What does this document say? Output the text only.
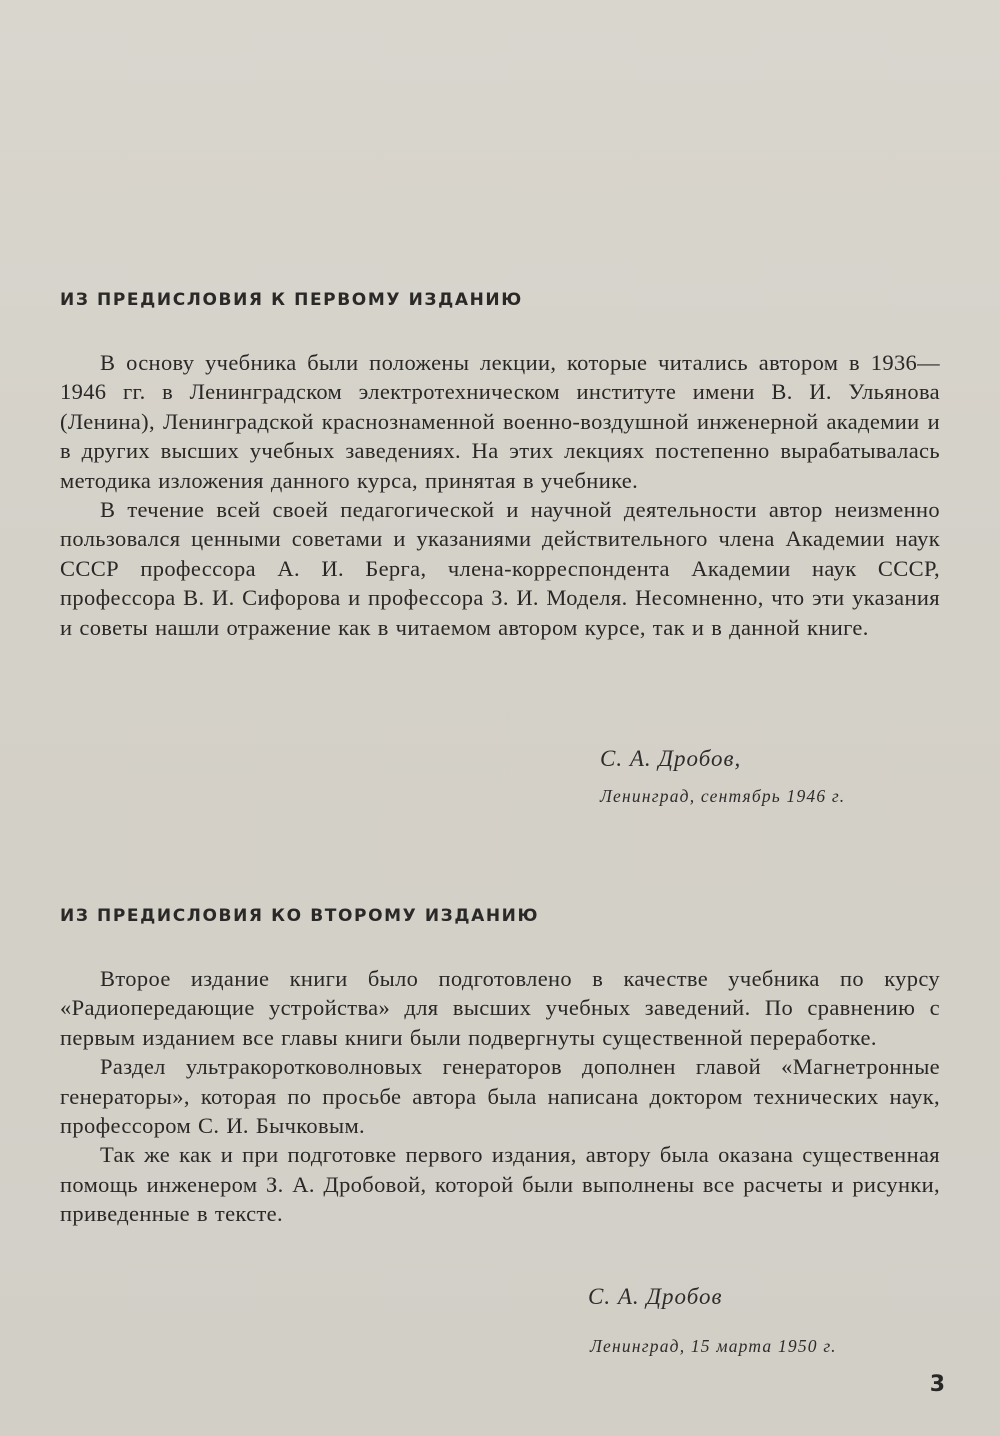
ИЗ ПРЕДИСЛОВИЯ К ПЕРВОМУ ИЗДАНИЮ

В основу учебника были положены лекции, которые читались автором в 1936—1946 гг. в Ленинградском электротехническом институте имени В. И. Ульянова (Ленина), Ленинградской краснознаменной военно-воздушной инженерной академии и в других высших учебных заведениях. На этих лекциях постепенно вырабатывалась методика изложения данного курса, принятая в учебнике.

В течение всей своей педагогической и научной деятельности автор неизменно пользовался ценными советами и указаниями действительного члена Академии наук СССР профессора А. И. Берга, члена-корреспондента Академии наук СССР, профессора В. И. Сифорова и профессора З. И. Моделя. Несомненно, что эти указания и советы нашли отражение как в читаемом автором курсе, так и в данной книге.

С. А. Дробов,
Ленинград, сентябрь 1946 г.
ИЗ ПРЕДИСЛОВИЯ КО ВТОРОМУ ИЗДАНИЮ

Второе издание книги было подготовлено в качестве учебника по курсу «Радиопередающие устройства» для высших учебных заведений. По сравнению с первым изданием все главы книги были подвергнуты существенной переработке.

Раздел ультракоротковолновых генераторов дополнен главой «Магнетронные генераторы», которая по просьбе автора была написана доктором технических наук, профессором С. И. Бычковым.

Так же как и при подготовке первого издания, автору была оказана существенная помощь инженером З. А. Дробовой, которой были выполнены все расчеты и рисунки, приведенные в тексте.

С. А. Дробов
Ленинград, 15 марта 1950 г.
3
